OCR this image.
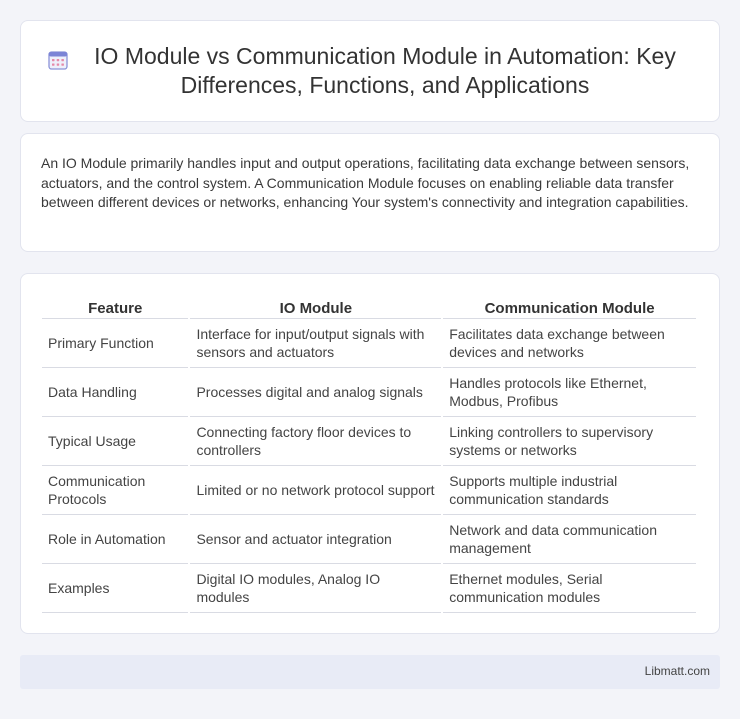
IO Module vs Communication Module in Automation: Key Differences, Functions, and Applications

An IO Module primarily handles input and output operations, facilitating data exchange between sensors, actuators, and the control system. A Communication Module focuses on enabling reliable data transfer between different devices or networks, enhancing Your system's connectivity and integration capabilities.

Feature	IO Module	Communication Module
Primary Function	Interface for input/output signals with sensors and actuators	Facilitates data exchange between devices and networks
Data Handling	Processes digital and analog signals	Handles protocols like Ethernet, Modbus, Profibus
Typical Usage	Connecting factory floor devices to controllers	Linking controllers to supervisory systems or networks
Communication Protocols	Limited or no network protocol support	Supports multiple industrial communication standards
Role in Automation	Sensor and actuator integration	Network and data communication management
Examples	Digital IO modules, Analog IO modules	Ethernet modules, Serial communication modules
Libmatt.com
